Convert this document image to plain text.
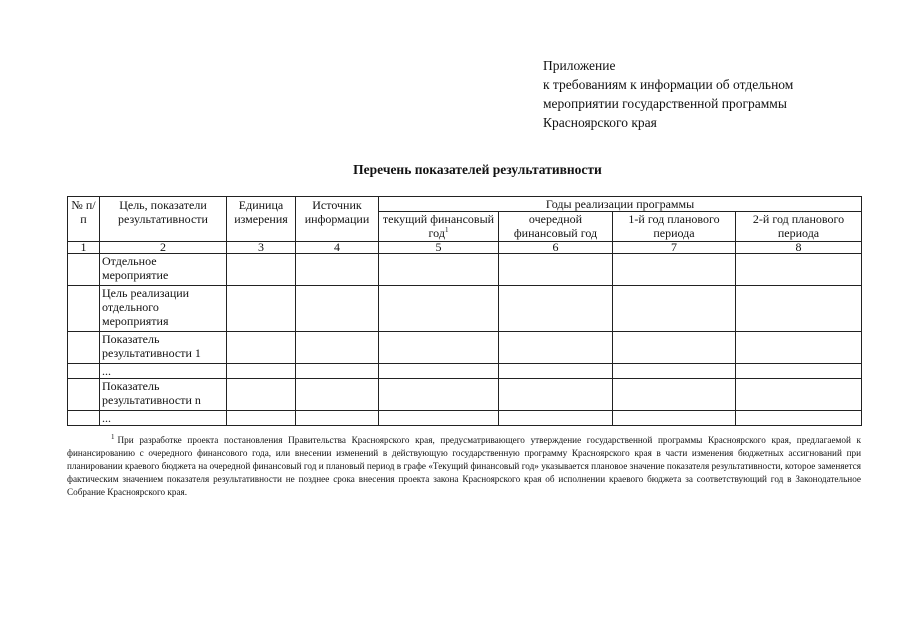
Приложение
к требованиям к информации об отдельном
мероприятии государственной программы
Красноярского края
Перечень показателей результативности
№ п/п	Цель, показатели результативности	Единица измерения	Источник информации	Годы реализации программы			
				текущий финансовый год$^1$	очередной финансовый год	1-й год планового периода	2-й год планового периода
1	2	3	4	5	6	7	8
	Отдельное мероприятие						
	Цель реализации отдельного мероприятия						
	Показатель результативности 1						
	...						
	Показатель результативности n						
	...						
$^1$ При разработке проекта постановления Правительства Красноярского края, предусматривающего утверждение государственной программы Красноярского края, предлагаемой к финансированию с очередного финансового года, или внесении изменений в действующую государственную программу Красноярского края в части изменения бюджетных ассигнований при планировании краевого бюджета на очередной финансовый год и плановый период в графе «Текущий финансовый год» указывается плановое значение показателя результативности, которое заменяется фактическим значением показателя результативности не позднее срока внесения проекта закона Красноярского края об исполнении краевого бюджета за соответствующий год в Законодательное Собрание Красноярского края.
